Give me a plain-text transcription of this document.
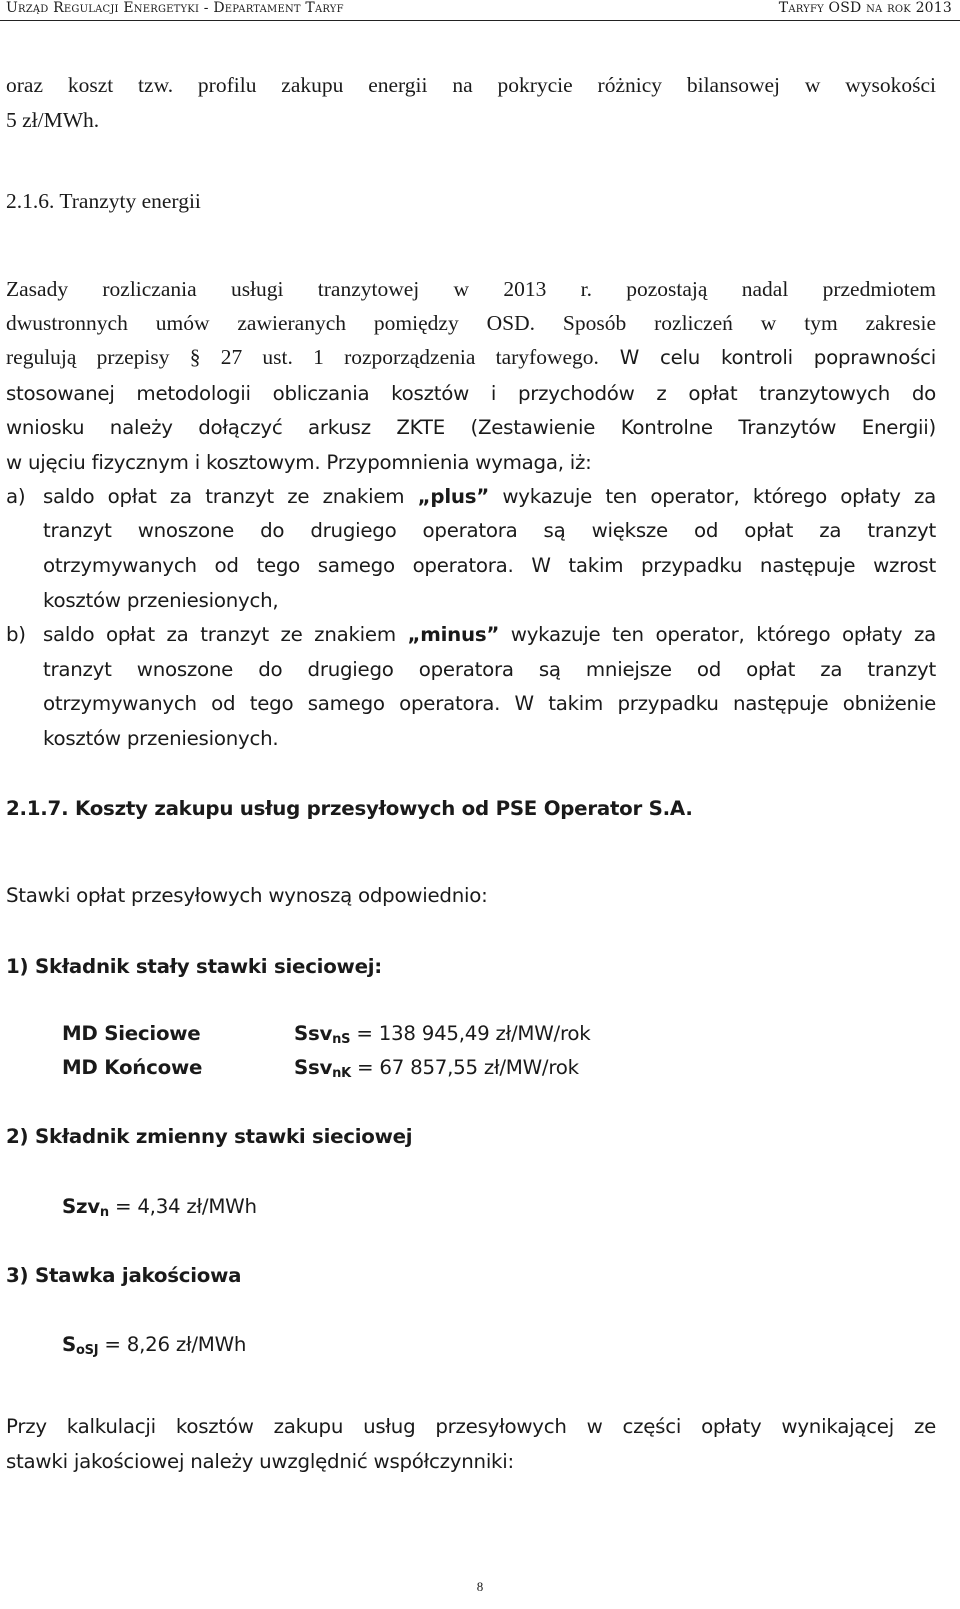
Urząd Regulacji Energetyki - Departament Taryf	Taryfy OSD na rok 2013
oraz koszt tzw. profilu zakupu energii na pokrycie różnicy bilansowej w wysokości
5 zł/MWh.
2.1.6. Tranzyty energii
Zasady rozliczania usługi tranzytowej w 2013 r. pozostają nadal przedmiotem
dwustronnych umów zawieranych pomiędzy OSD. Sposób rozliczeń w tym zakresie
regulują przepisy § 27 ust. 1 rozporządzenia taryfowego. W celu kontroli poprawności
stosowanej metodologii obliczania kosztów i przychodów z opłat tranzytowych do
wniosku należy dołączyć arkusz ZKTE (Zestawienie Kontrolne Tranzytów Energii)
w ujęciu fizycznym i kosztowym. Przypomnienia wymaga, iż:
a) saldo opłat za tranzyt ze znakiem „plus” wykazuje ten operator, którego opłaty za
tranzyt wnoszone do drugiego operatora są większe od opłat za tranzyt
otrzymywanych od tego samego operatora. W takim przypadku następuje wzrost
kosztów przeniesionych,
b) saldo opłat za tranzyt ze znakiem „minus” wykazuje ten operator, którego opłaty za
tranzyt wnoszone do drugiego operatora są mniejsze od opłat za tranzyt
otrzymywanych od tego samego operatora. W takim przypadku następuje obniżenie
kosztów przeniesionych.
2.1.7. Koszty zakupu usług przesyłowych od PSE Operator S.A.
Stawki opłat przesyłowych wynoszą odpowiednio:
1) Składnik stały stawki sieciowej:
MD Sieciowe	Ssv$_{nS}$ = 138 945,49 zł/MW/rok
MD Końcowe	Ssv$_{nK}$ = 67 857,55 zł/MW/rok
2) Składnik zmienny stawki sieciowej
Szv$_n$ = 4,34 zł/MWh
3) Stawka jakościowa
$S_{oSJ} = 8,26$ zł/MWh
Przy kalkulacji kosztów zakupu usług przesyłowych w części opłaty wynikającej ze
stawki jakościowej należy uwzględnić współczynniki:
8
